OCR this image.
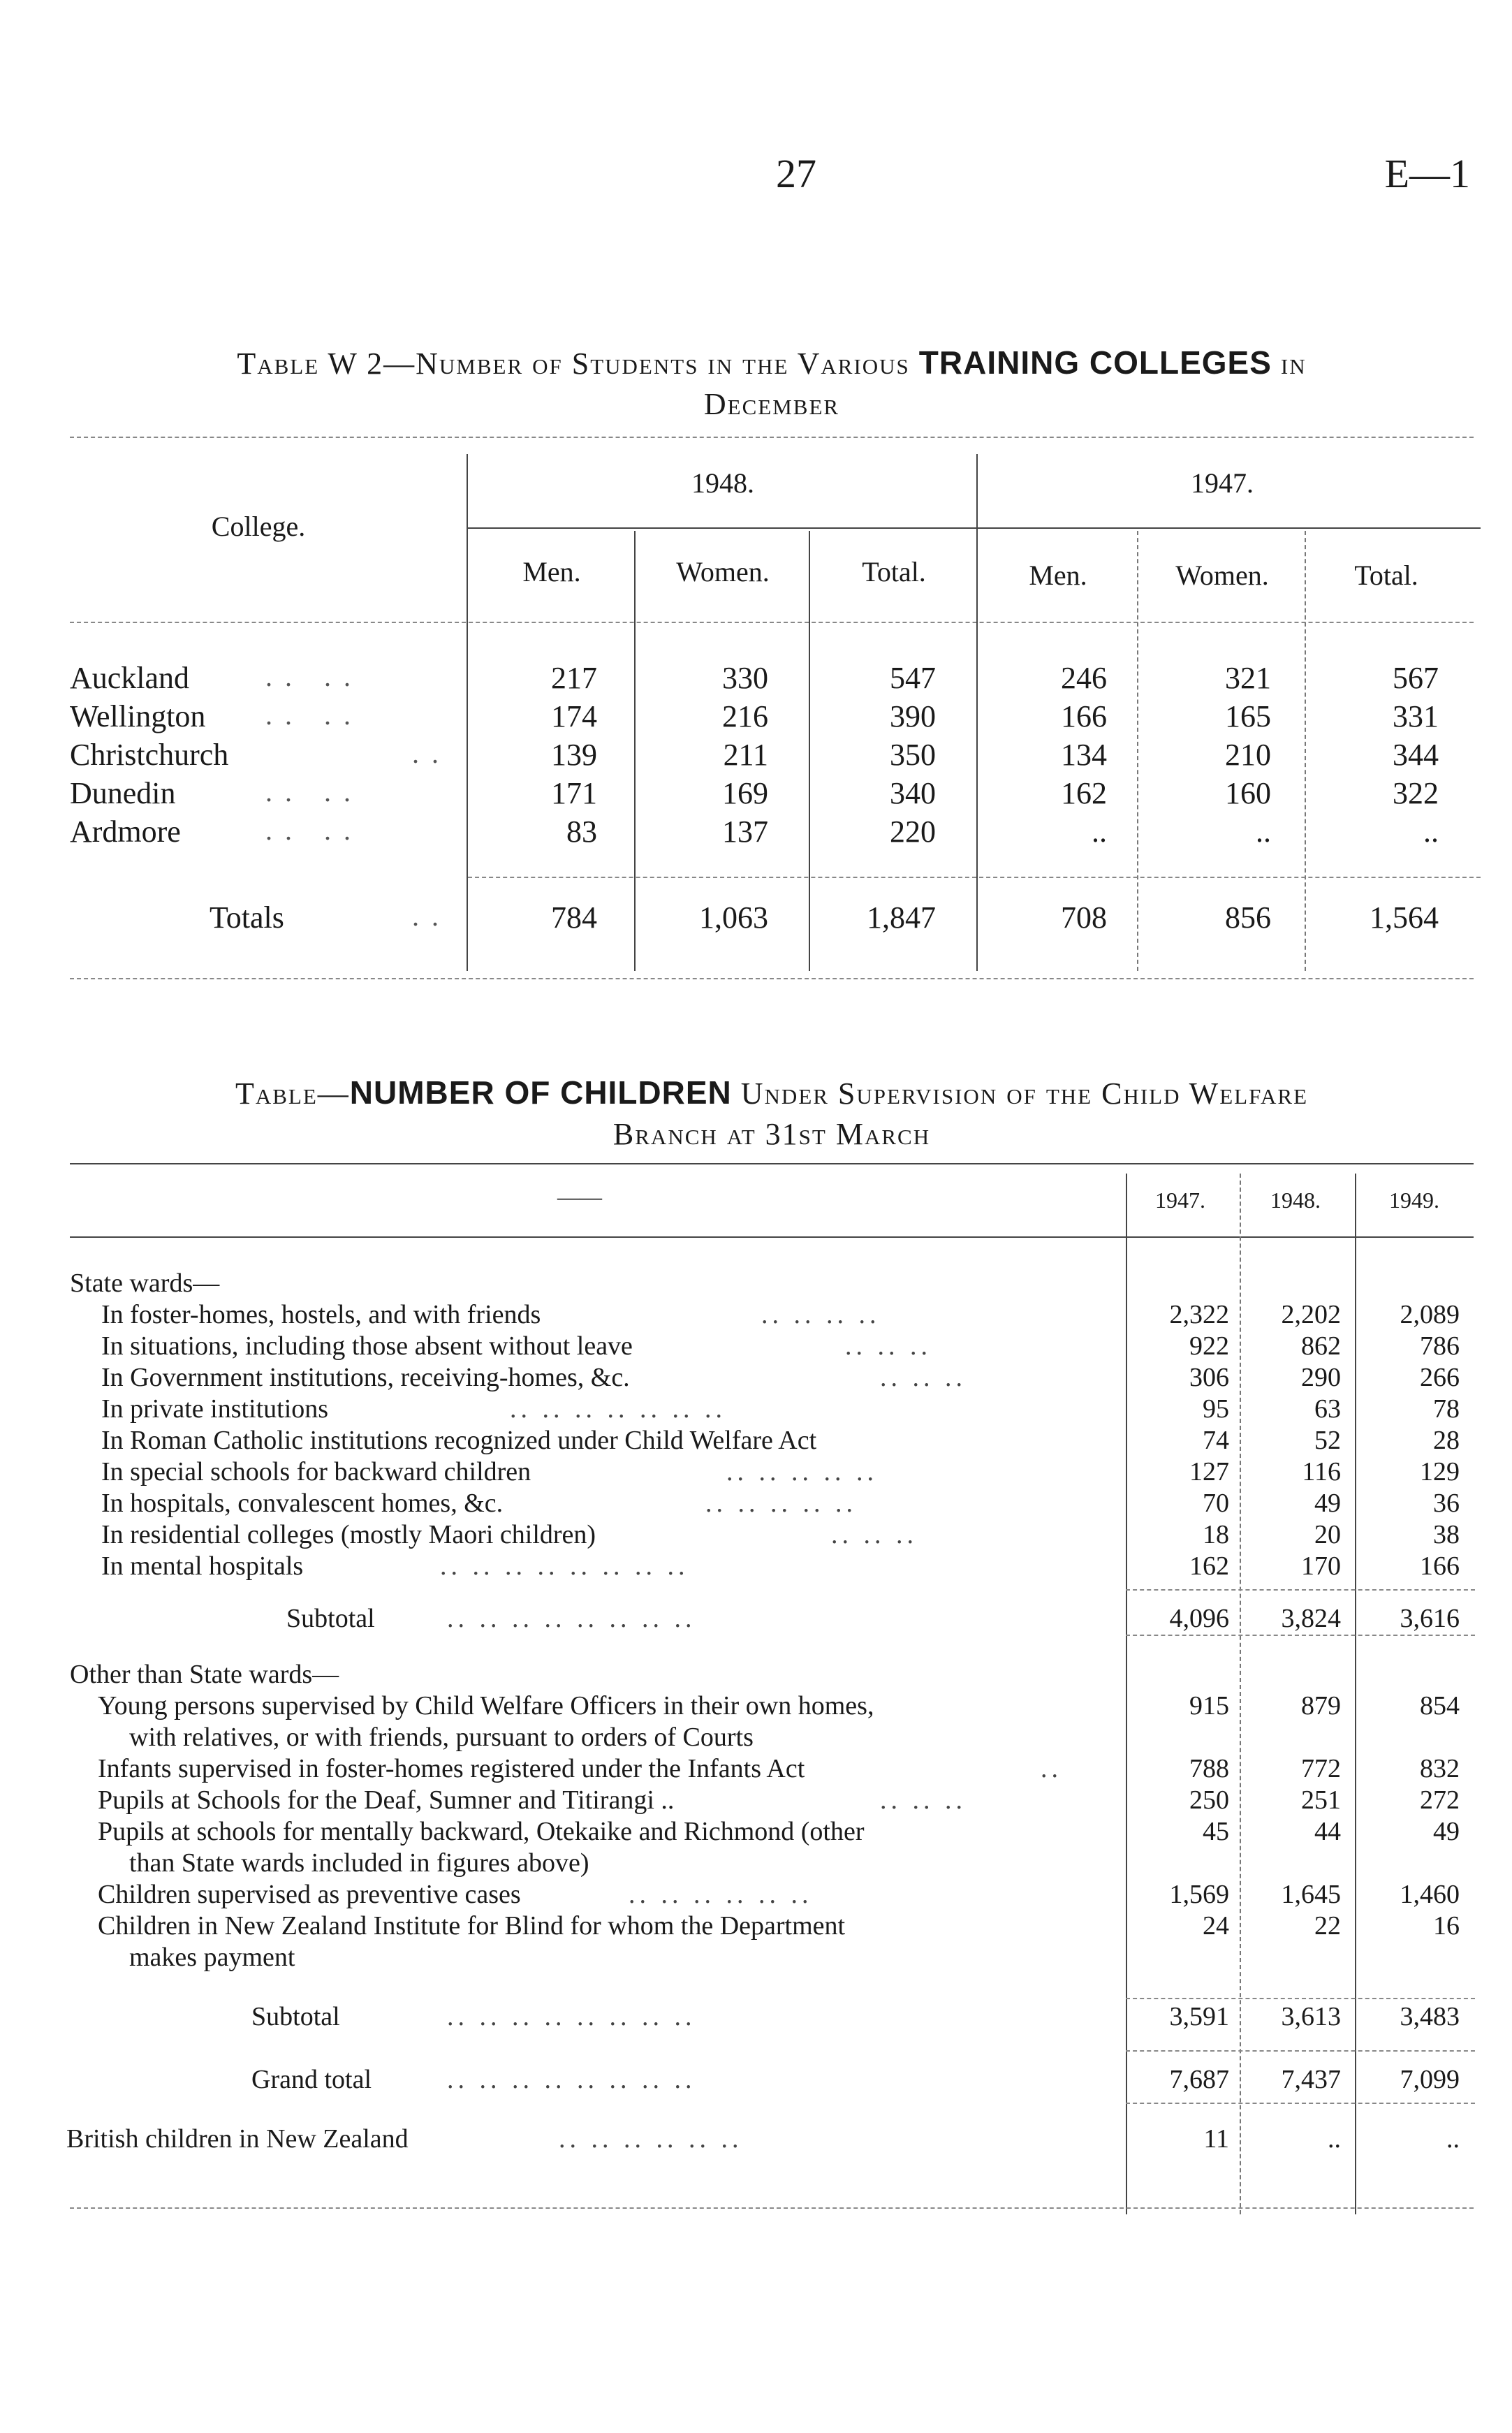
27	E—1
Table W 2—Number of Students in the Various TRAINING COLLEGES in
December
College.
1948.	1947.
Men.	Women.	Total.	Men.	Women.	Total.
Auckland	.. ..	217	330	547	246	321	567
Wellington .. ..	174	216	390	166	165	331
Christchurch	..	139	211	350	134	210	344
Dunedin	.. ..	171	169	340	162	160	322
Ardmore	.. ..	83	137	220	..	..	..
Totals	..	784	1,063	1,847	708	856	1,564
Table—NUMBER OF CHILDREN Under Supervision of the Child Welfare
Branch at 31st March
——	1947.	1948.	1949.
State wards—
In foster-homes, hostels, and with friends	.. .. .. ..	2,322	2,202	2,089
In situations, including those absent without leave	.. .. ..	922	862	786
In Government institutions, receiving-homes, &c.	.. .. ..	306	290	266
In private institutions	.. .. .. .. .. .. ..	95	63	78
In Roman Catholic institutions recognized under Child Welfare Act	74	52	28
In special schools for backward children	.. .. .. .. ..	127	116	129
In hospitals, convalescent homes, &c.	.. .. .. .. ..	70	49	36
In residential colleges (mostly Maori children)	.. .. ..	18	20	38
In mental hospitals	.. .. .. .. .. .. .. ..	162	170	166
Subtotal	.. .. .. .. .. .. .. ..	4,096	3,824	3,616
Other than State wards—
Young persons supervised by Child Welfare Officers in their own homes,	915	879	854
with relatives, or with friends, pursuant to orders of Courts
Infants supervised in foster-homes registered under the Infants Act	..	788	772	832
Pupils at Schools for the Deaf, Sumner and Titirangi ..	.. .. ..	250	251	272
Pupils at schools for mentally backward, Otekaike and Richmond (other	45	44	49
than State wards included in figures above)
Children supervised as preventive cases	.. .. .. .. .. ..	1,569	1,645	1,460
Children in New Zealand Institute for Blind for whom the Department	24	22	16
makes payment
Subtotal	.. .. .. .. .. .. .. ..	3,591	3,613	3,483
Grand total	.. .. .. .. .. .. .. ..	7,687	7,437	7,099
British children in New Zealand	.. .. .. .. .. ..	11	..	..
